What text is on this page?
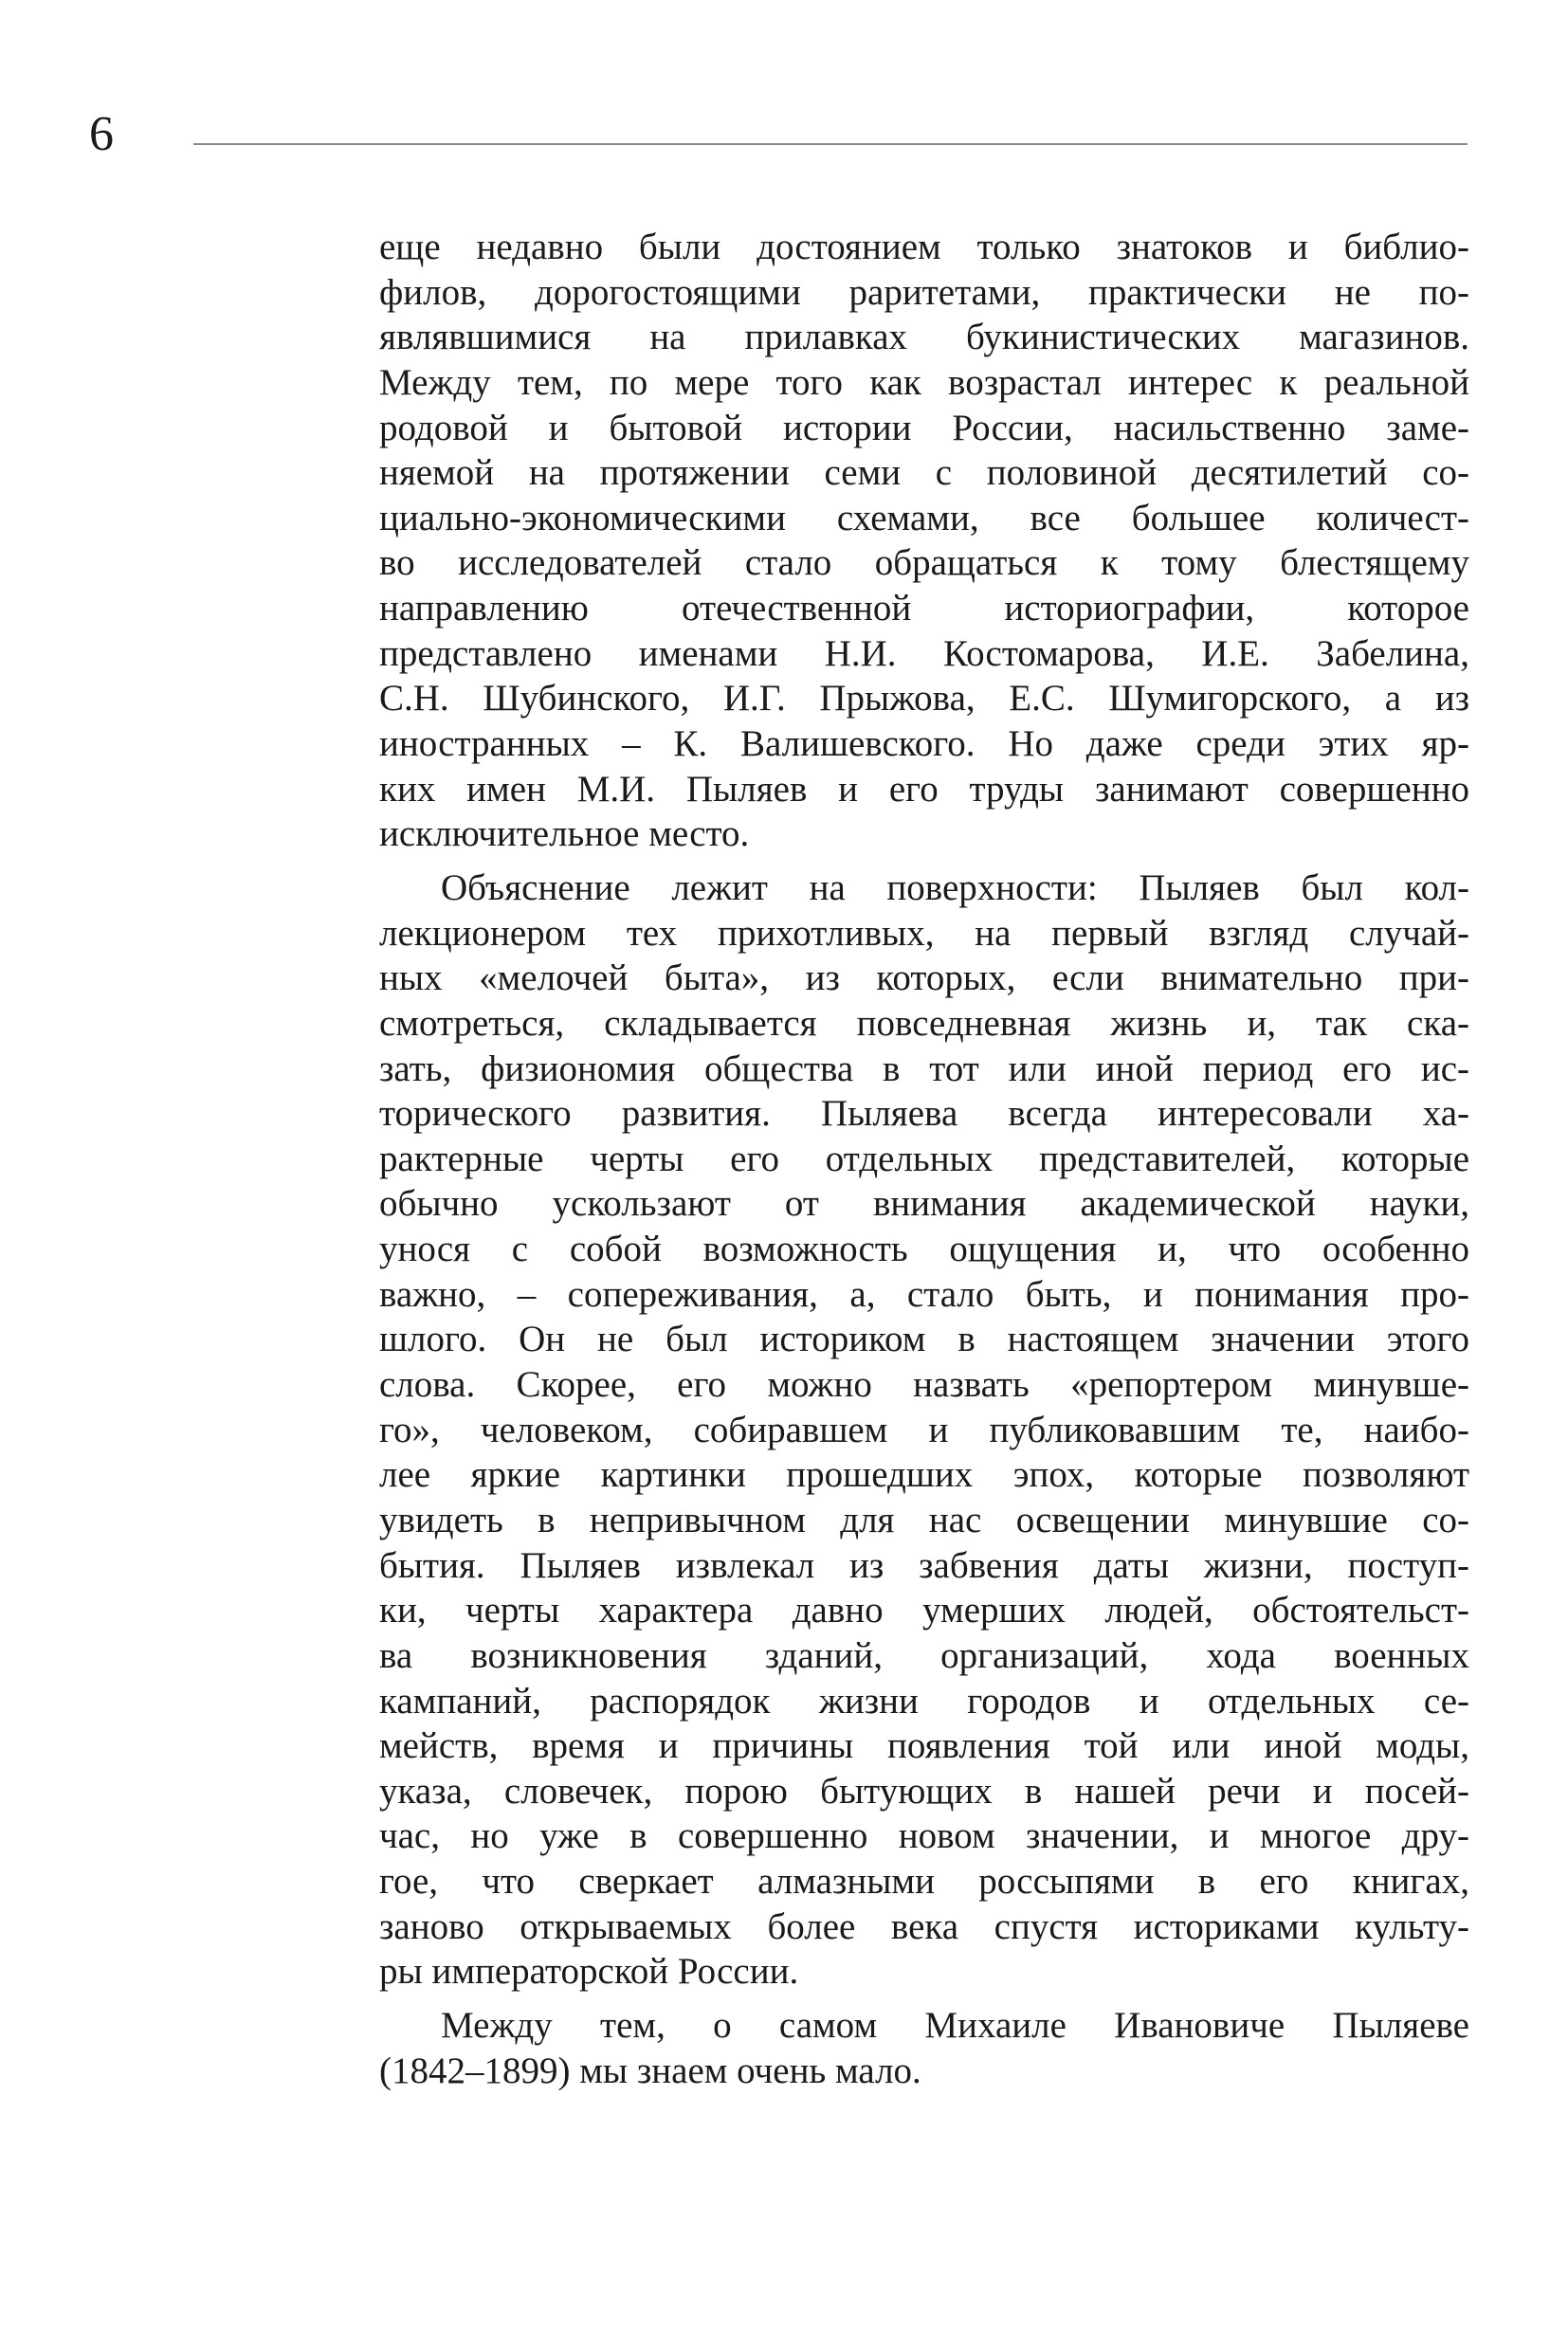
6
еще недавно были достоянием только знатоков и библио-
филов, дорогостоящими раритетами, практически не по-
являвшимися на прилавках букинистических магазинов.
Между тем, по мере того как возрастал интерес к реальной
родовой и бытовой истории России, насильственно заме-
няемой на протяжении семи с половиной десятилетий со-
циально-экономическими схемами, все большее количест-
во исследователей стало обращаться к тому блестящему
направлению отечественной историографии, которое
представлено именами Н.И. Костомарова, И.Е. Забелина,
С.Н. Шубинского, И.Г. Прыжова, Е.С. Шумигорского, а из
иностранных – К. Валишевского. Но даже среди этих яр-
ких имен М.И. Пыляев и его труды занимают совершенно
исключительное место.
Объяснение лежит на поверхности: Пыляев был кол-
лекционером тех прихотливых, на первый взгляд случай-
ных «мелочей быта», из которых, если внимательно при-
смотреться, складывается повседневная жизнь и, так ска-
зать, физиономия общества в тот или иной период его ис-
торического развития. Пыляева всегда интересовали ха-
рактерные черты его отдельных представителей, которые
обычно ускользают от внимания академической науки,
унося с собой возможность ощущения и, что особенно
важно, – сопереживания, а, стало быть, и понимания про-
шлого. Он не был историком в настоящем значении этого
слова. Скорее, его можно назвать «репортером минувше-
го», человеком, собиравшем и публиковавшим те, наибо-
лее яркие картинки прошедших эпох, которые позволяют
увидеть в непривычном для нас освещении минувшие со-
бытия. Пыляев извлекал из забвения даты жизни, поступ-
ки, черты характера давно умерших людей, обстоятельст-
ва возникновения зданий, организаций, хода военных
кампаний, распорядок жизни городов и отдельных се-
мейств, время и причины появления той или иной моды,
указа, словечек, порою бытующих в нашей речи и посей-
час, но уже в совершенно новом значении, и многое дру-
гое, что сверкает алмазными россыпями в его книгах,
заново открываемых более века спустя историками культу-
ры императорской России.
Между тем, о самом Михаиле Ивановиче Пыляеве
(1842–1899) мы знаем очень мало.
